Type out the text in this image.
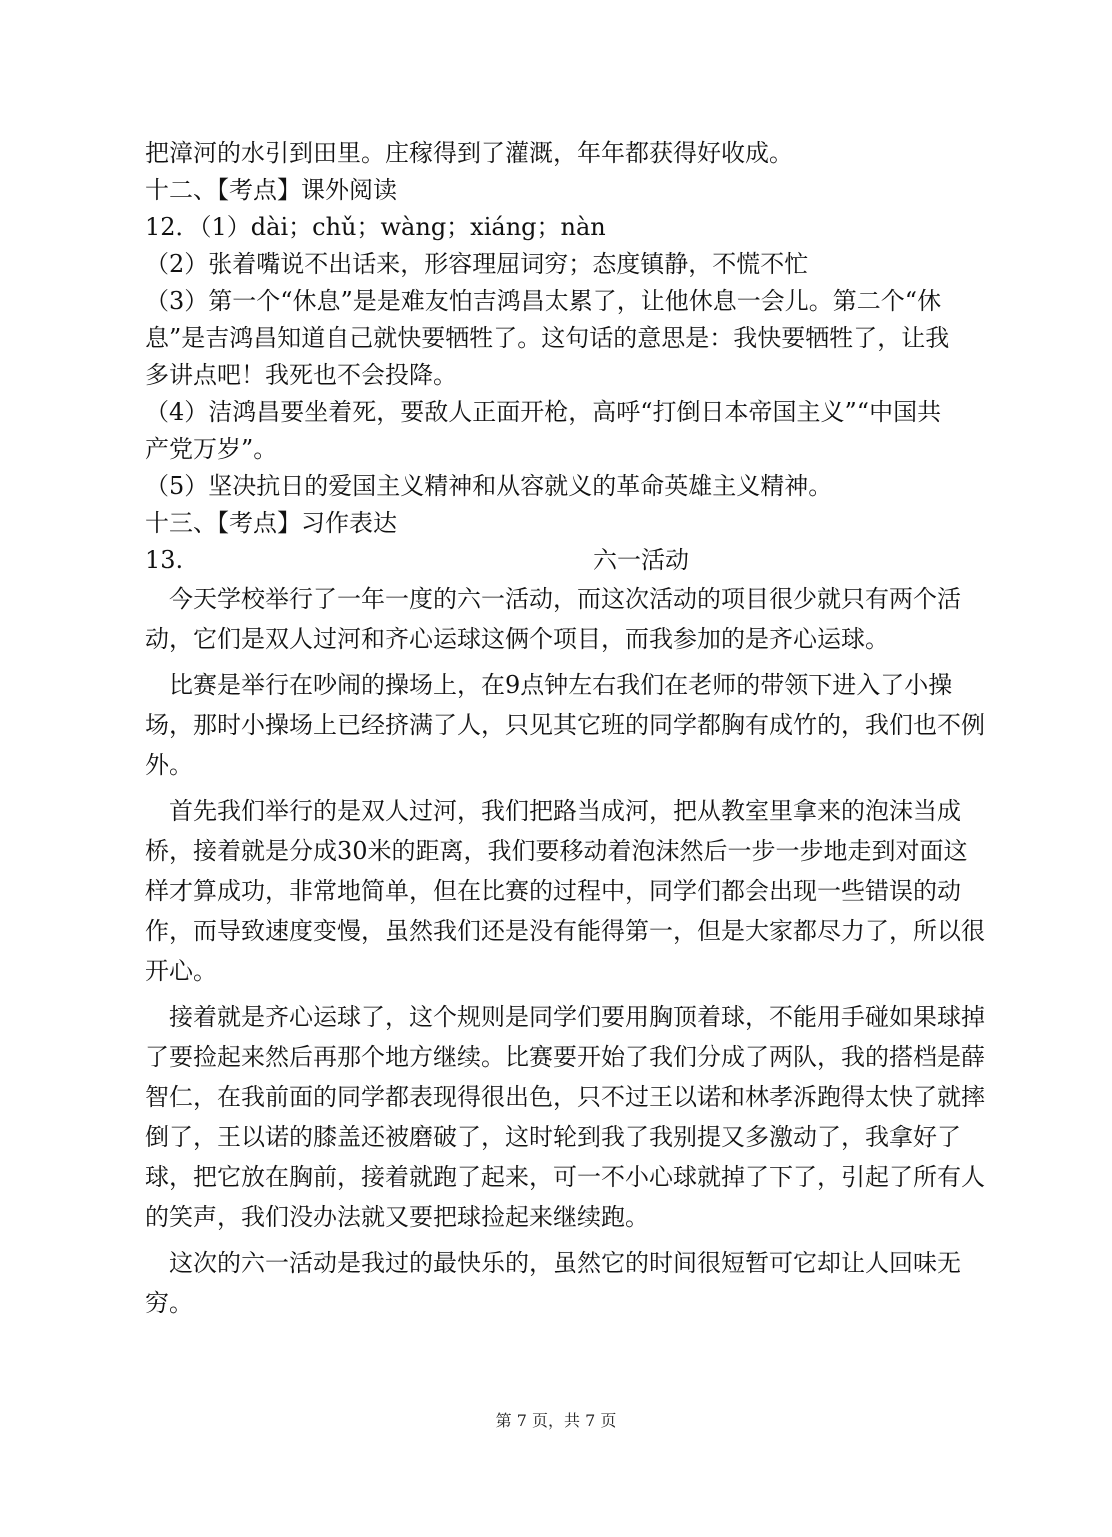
把漳河的水引到田里。庄稼得到了灌溉，年年都获得好收成。
十二、【考点】课外阅读
12．（1）dài；chǔ；wàng；xiáng；nàn
（2）张着嘴说不出话来，形容理屈词穷；态度镇静，不慌不忙
（3）第一个“休息”是是难友怕吉鸿昌太累了，让他休息一会儿。第二个“休
息”是吉鸿昌知道自己就快要牺牲了。这句话的意思是：我快要牺牲了，让我
多讲点吧！我死也不会投降。
（4）洁鸿昌要坐着死，要敌人正面开枪，高呼“打倒日本帝国主义”“中国共
产党万岁”。
（5）坚决抗日的爱国主义精神和从容就义的革命英雄主义精神。
十三、【考点】习作表达
13.	六一活动
今天学校举行了一年一度的六一活动，而这次活动的项目很少就只有两个活动，它们是双人过河和齐心运球这俩个项目，而我参加的是齐心运球。
比赛是举行在吵闹的操场上，在9点钟左右我们在老师的带领下进入了小操场，那时小操场上已经挤满了人，只见其它班的同学都胸有成竹的，我们也不例外。
首先我们举行的是双人过河，我们把路当成河，把从教室里拿来的泡沫当成桥，接着就是分成30米的距离，我们要移动着泡沫然后一步一步地走到对面这样才算成功，非常地简单，但在比赛的过程中，同学们都会出现一些错误的动作，而导致速度变慢，虽然我们还是没有能得第一，但是大家都尽力了，所以很开心。
接着就是齐心运球了，这个规则是同学们要用胸顶着球，不能用手碰如果球掉了要捡起来然后再那个地方继续。比赛要开始了我们分成了两队，我的搭档是薛智仁，在我前面的同学都表现得很出色，只不过王以诺和林孝泝跑得太快了就摔倒了，王以诺的膝盖还被磨破了，这时轮到我了我别提又多激动了，我拿好了球，把它放在胸前，接着就跑了起来，可一不小心球就掉了下了，引起了所有人的笑声，我们没办法就又要把球捡起来继续跑。
这次的六一活动是我过的最快乐的，虽然它的时间很短暂可它却让人回味无穷。
第 7 页，共 7 页
